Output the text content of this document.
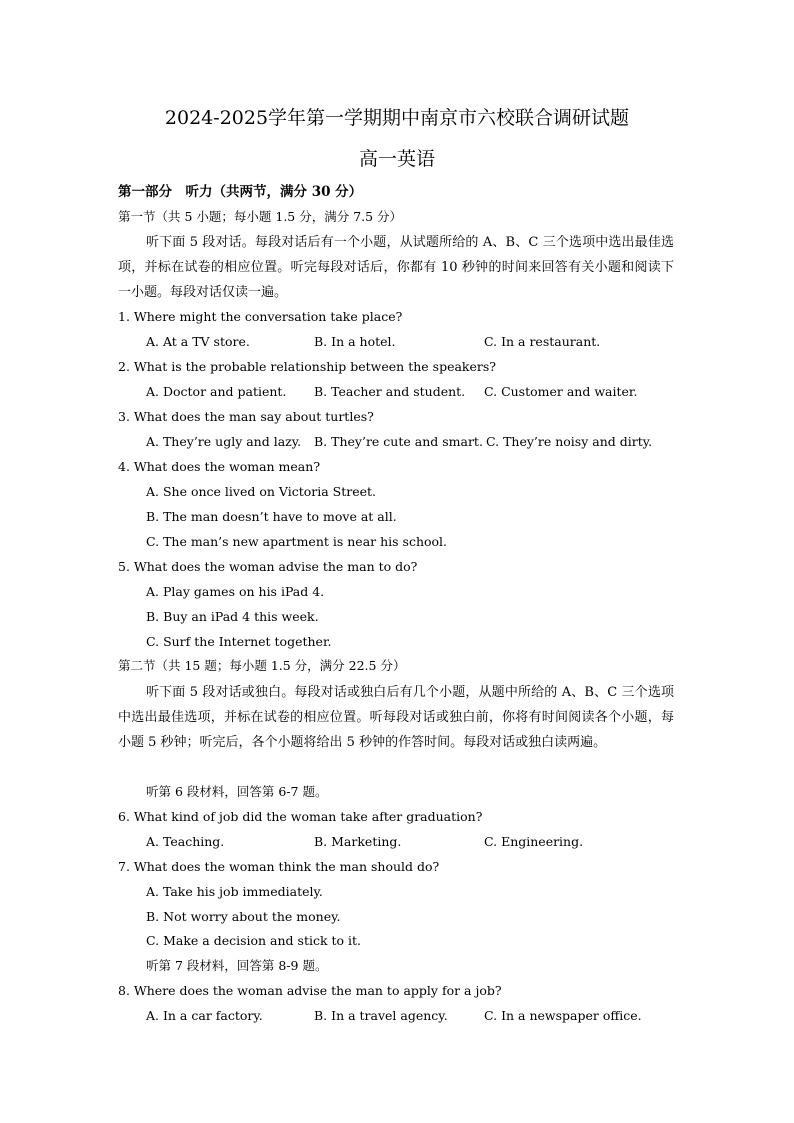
2024-2025学年第一学期期中南京市六校联合调研试题
高一英语
第一部分　听力（共两节，满分 30 分）
第一节（共 5 小题；每小题 1.5 分，满分 7.5 分）
听下面 5 段对话。每段对话后有一个小题，从试题所给的 A、B、C 三个选项中选出最佳选项，并标在试卷的相应位置。听完每段对话后，你都有 10 秒钟的时间来回答有关小题和阅读下一小题。每段对话仅读一遍。
1. Where might the conversation take place?
A. At a TV store.	B. In a hotel.	C. In a restaurant.
2. What is the probable relationship between the speakers?
A. Doctor and patient. B. Teacher and student. C. Customer and waiter.
3. What does the man say about turtles?
A. They’re ugly and lazy. B. They’re cute and smart. C. They’re noisy and dirty.
4. What does the woman mean?
A. She once lived on Victoria Street.
B. The man doesn’t have to move at all.
C. The man’s new apartment is near his school.
5. What does the woman advise the man to do?
A. Play games on his iPad 4.
B. Buy an iPad 4 this week.
C. Surf the Internet together.
第二节（共 15 题；每小题 1.5 分，满分 22.5 分）
听下面 5 段对话或独白。每段对话或独白后有几个小题，从题中所给的 A、B、C 三个选项中选出最佳选项，并标在试卷的相应位置。听每段对话或独白前，你将有时间阅读各个小题，每小题 5 秒钟；听完后，各个小题将给出 5 秒钟的作答时间。每段对话或独白读两遍。
听第 6 段材料，回答第 6-7 题。
6. What kind of job did the woman take after graduation?
A. Teaching.	B. Marketing.	C. Engineering.
7. What does the woman think the man should do?
A. Take his job immediately.
B. Not worry about the money.
C. Make a decision and stick to it.
听第 7 段材料，回答第 8-9 题。
8. Where does the woman advise the man to apply for a job?
A. In a car factory.	B. In a travel agency.	C. In a newspaper office.
